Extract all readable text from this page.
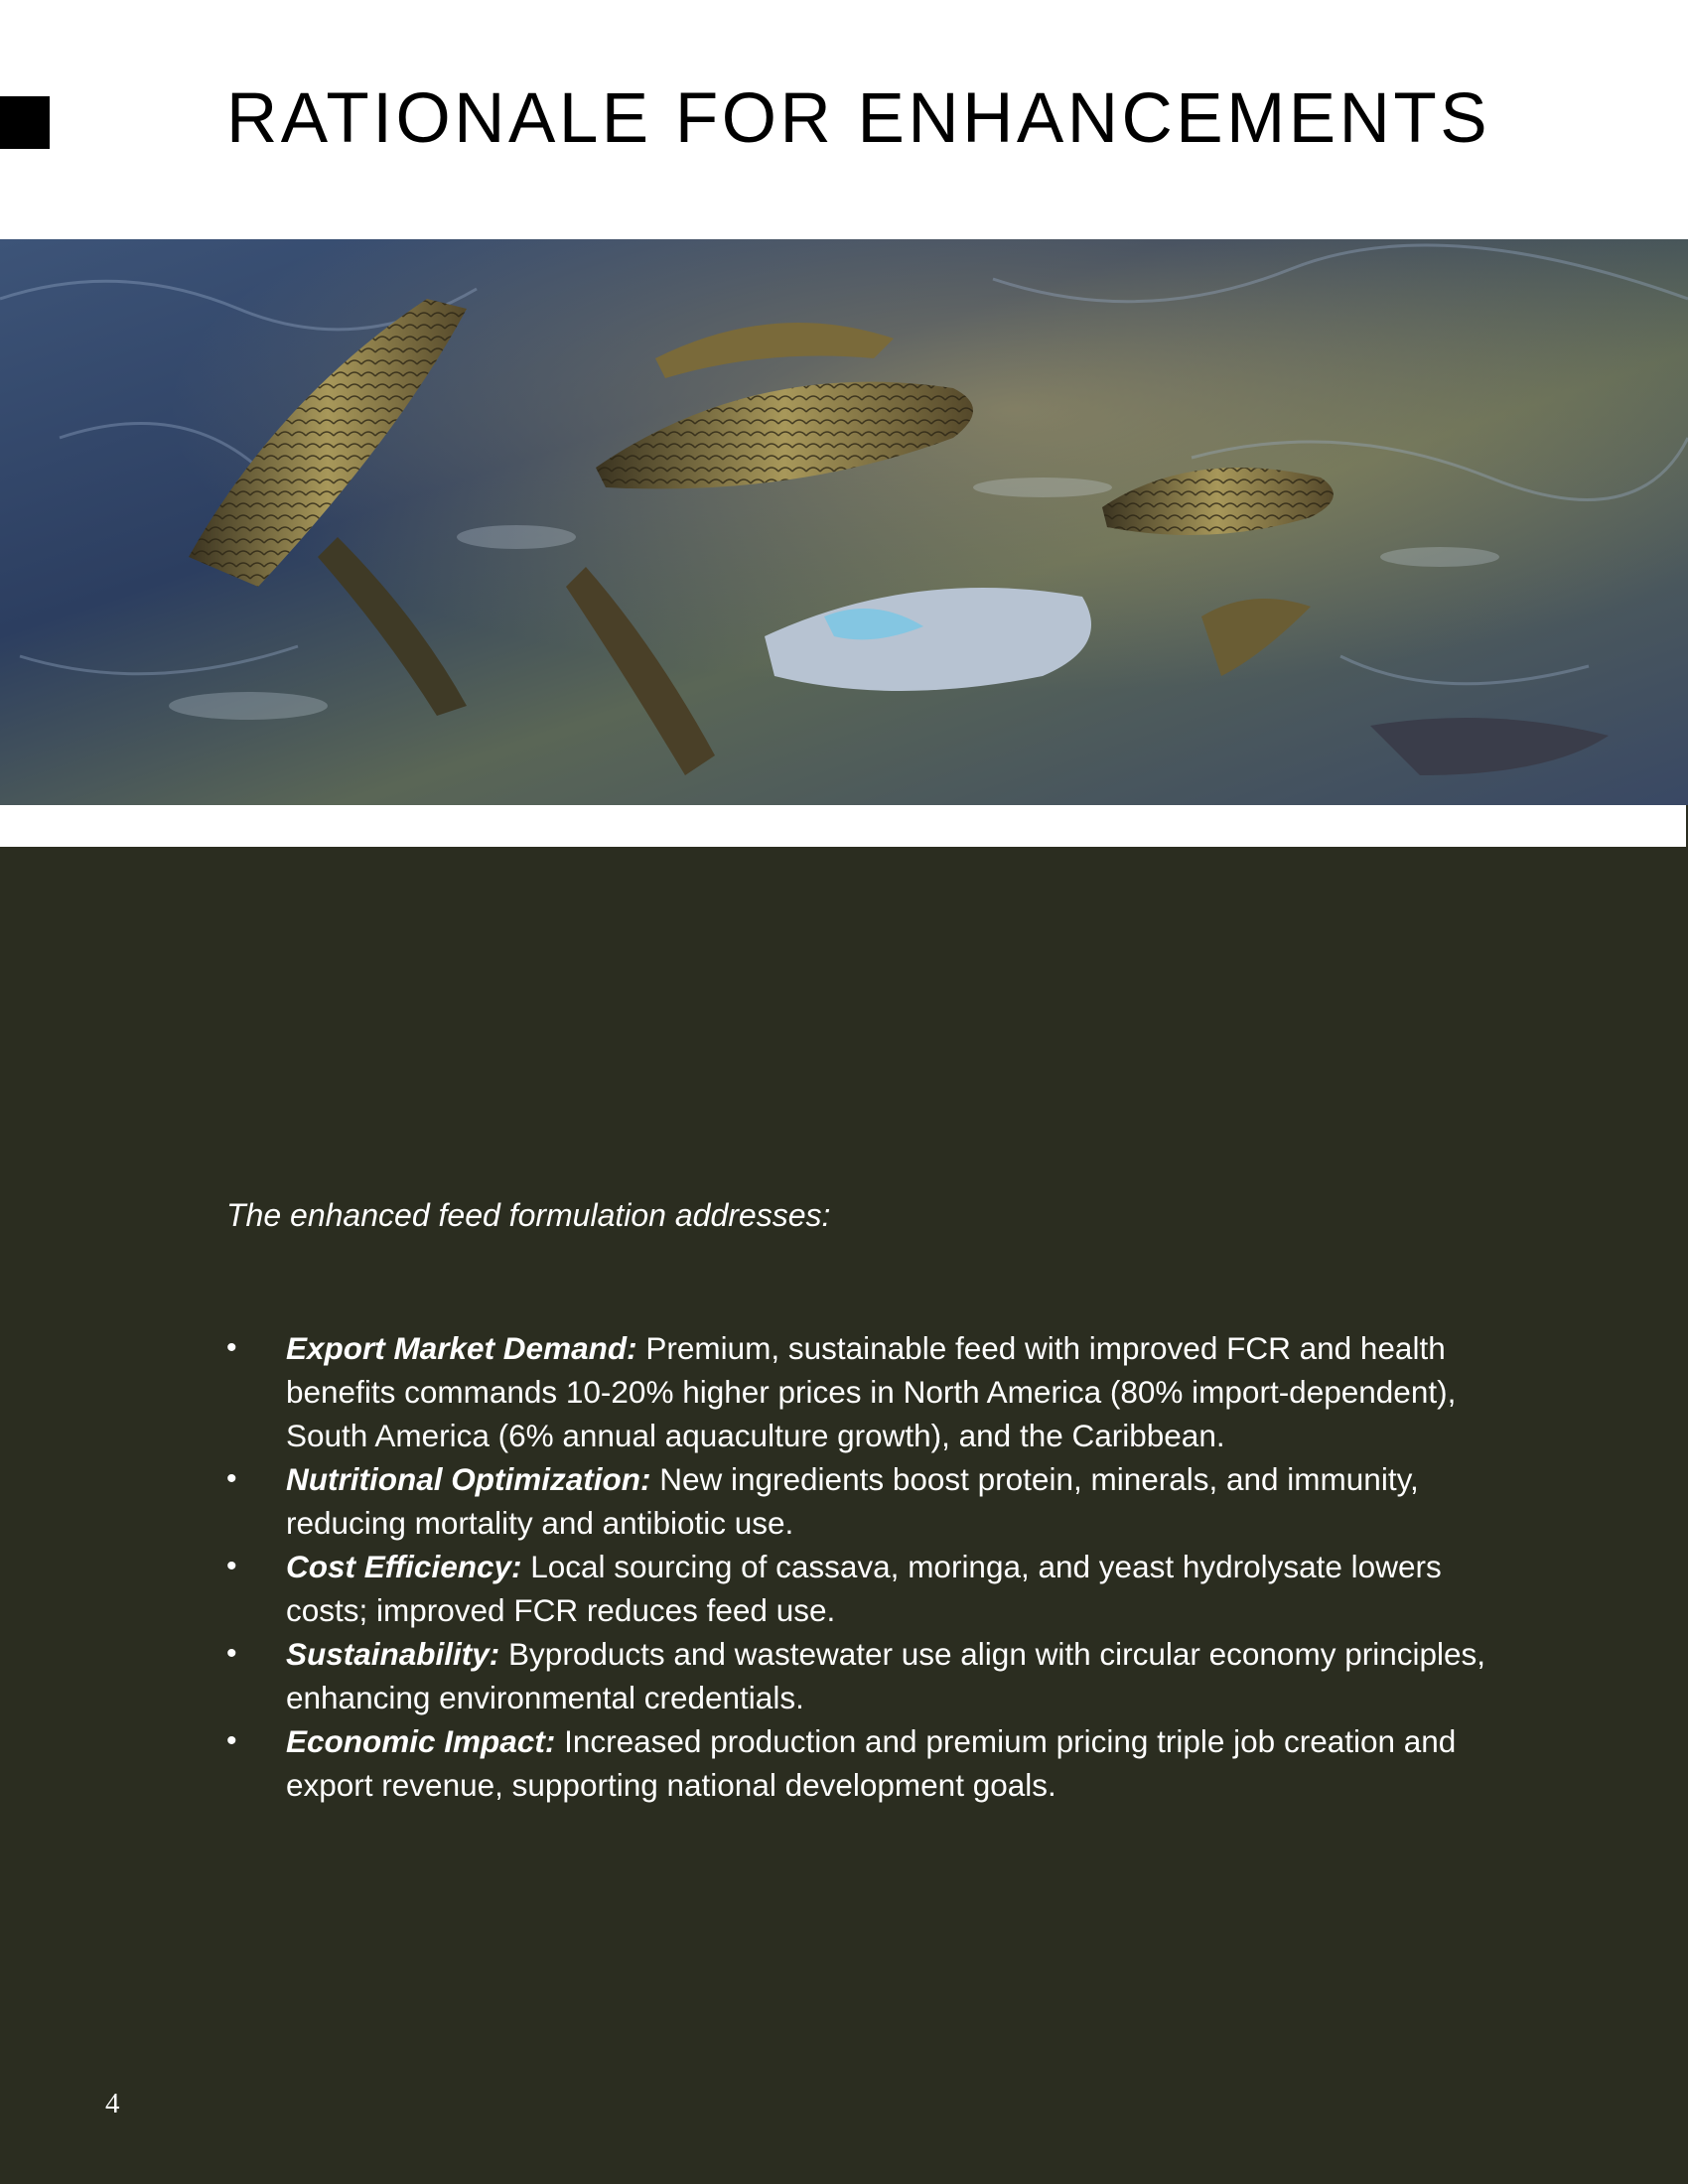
RATIONALE FOR ENHANCEMENTS

The enhanced feed formulation addresses:

•	Export Market Demand: Premium, sustainable feed with improved FCR and health benefits commands 10-20% higher prices in North America (80% import-dependent), South America (6% annual aquaculture growth), and the Caribbean.
•	Nutritional Optimization: New ingredients boost protein, minerals, and immunity, reducing mortality and antibiotic use.
•	Cost Efficiency: Local sourcing of cassava, moringa, and yeast hydrolysate lowers costs; improved FCR reduces feed use.
•	Sustainability: Byproducts and wastewater use align with circular economy principles, enhancing environmental credentials.
•	Economic Impact: Increased production and premium pricing triple job creation and export revenue, supporting national development goals.
4
